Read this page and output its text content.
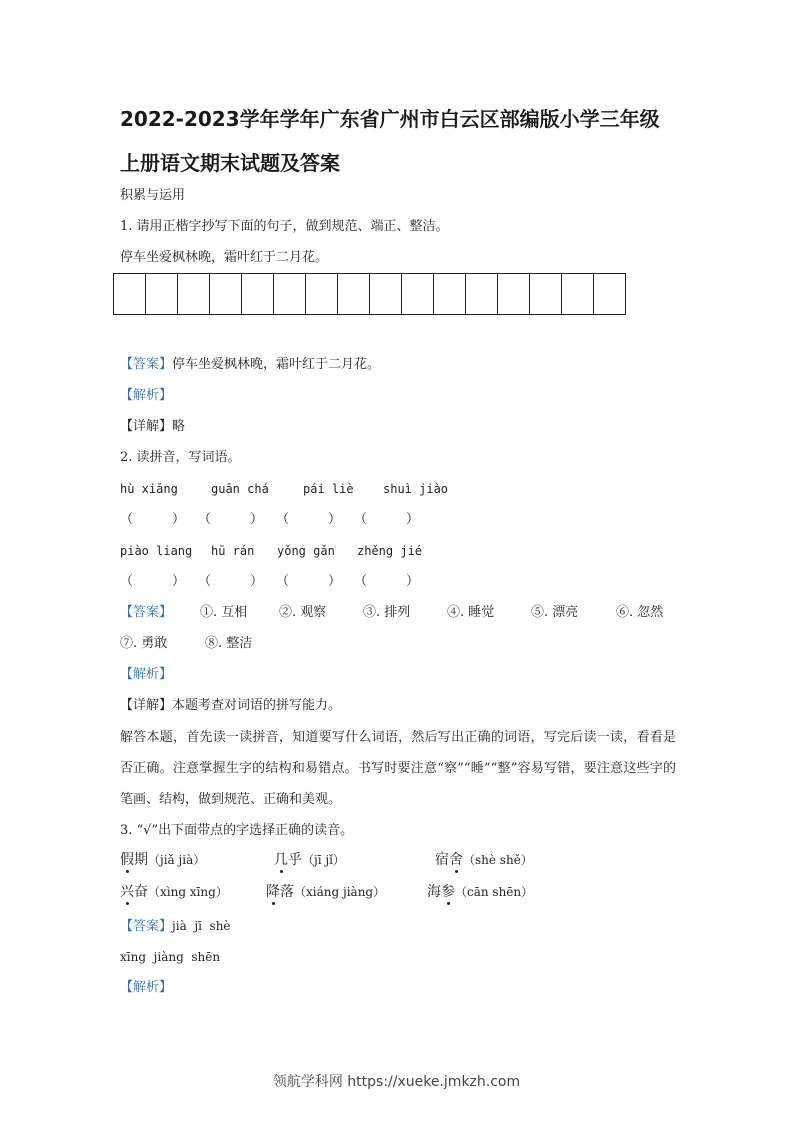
2022-2023学年学年广东省广州市白云区部编版小学三年级
上册语文期末试题及答案
积累与运用
1. 请用正楷字抄写下面的句子，做到规范、端正、整洁。
停车坐爱枫林晚，霜叶红于二月花。
【答案】停车坐爱枫林晚，霜叶红于二月花。
【解析】
【详解】略
2. 读拼音，写词语。
hù xiāng	guān chá	pái liè shuì jiào
（　　　） （　　　） （　　　） （　　　）
piào liang hū rán yǒng gǎn zhěng jié
（　　　） （　　　） （　　　） （　　　）
【答案】 ①. 互相 ②. 观察	③. 排列	④. 睡觉	⑤. 漂亮	⑥. 忽然
⑦. 勇敢	⑧. 整洁
【解析】
【详解】本题考查对词语的拼写能力。
解答本题，首先读一读拼音，知道要写什么词语，然后写出正确的词语，写完后读一读，看看是否正确。注意掌握生字的结构和易错点。书写时要注意“察”“睡”“整”容易写错，要注意这些字的笔画、结构，做到规范、正确和美观。
3. “√”出下面带点的字选择正确的读音。
假期（jiǎ jià）	几乎（jī jǐ）	宿舍（shè shě）
兴奋（xìng xīng）	降落（xiáng jiàng）	海参（cān shēn）
【答案】jià  jī  shè
xīng  jiàng  shēn
【解析】
领航学科网 https://xueke.jmkzh.com
